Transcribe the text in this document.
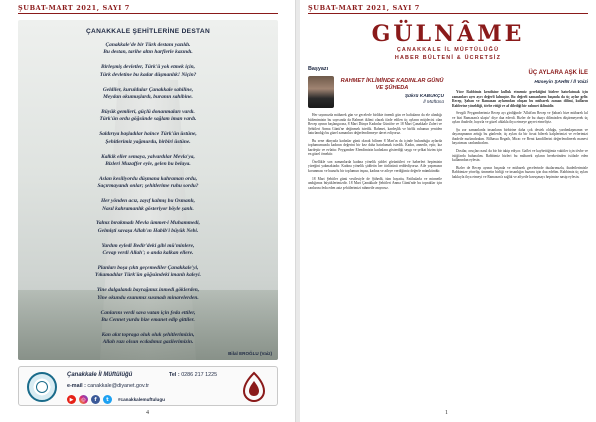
ŞUBAT-MART 2021, SAYI 7
ÇANAKKALE ŞEHİTLERİNE DESTAN
Çanakkale'de bir Türk destanı yazıldı.
Bu destan, tarihe altın harflerle kazındı.
Birleşmiş devletler, Türk'ü yok etmek için,
Türk devletine bu kadar düşmanlık! Niçin?
Geldiler, kuruldular Çanakkale sahiline,
Meydan okumuşlardı, buranın sahibine.
Büyük gemileri, güçlü donanmaları vardı.
Türk'ün ordu göğsünde sağlam iman vardı.
Saldırıya başladılar haince Türk'ün üstüne,
Şehitlerimiz yağmurdu, birbiri üstüne.
Kalkik eller semaya, yalvardılar Mevla'ya,
Bizleri Muzaffer eyle, gelen bu belaya.
Aslan kesiliyordu düşmana kahraman ordu,
Saçırmayandı onlar; şehitlerime ruhu sordu?
Her yönden acız, zayıf kalmış bu Osmanlı,
Nasıl kahramanlık gösteriyor böyle şanlı.
Yalnız bırakmadı Mevla ümmet-i Muhammedi,
Gelmişti savaşa Allah'ın Habib'i büyük Nebi.
Yardım eyledi Bedir'deki gibi mü'minlere,
Cevap verdi Allah'; o anda kalkan ellere.
Planları boşa çıktı geçemediler Çanakkale'yi,
Yıkamadılar Türk'ün göğsündeki imanlı kaleyi.
Yine dalgalandı bayrağımız inmedi göklerden,
Yine okundu ezanımız susmadı minarelerden.
Canlarını verdi sava vatan için feda ettiler,
Bu Cennet yurdu bize emanet edip gittiler.
Kan akıt topraga oluk oluk şehitlerimizin,
Allah razı olsun ecdadımız gazilerimizin.
Bilal EROĞLU (Vaiz)
Çanakkale İl Müftülüğü	Tel : 0286 217 1225
e-mail : canakkale@diyanet.gov.tr
▶	◎	f	t	#canakkalemuftulugu
4
ŞUBAT-MART 2021, SAYI 7
GÜLNÂME
ÇANAKKALE İL MÜFTÜLÜĞÜ
HABER BÜLTENİ & ÜCRETSİZ
Başyazı
RAHMET İKLİMİNDE KADINLAR GÜNÜ VE ŞÜHEDA
Şükrü KABUKÇU
İl Müftüsü

Her sayımızda mübarek gün ve gecelerle birlikte önemli gün ve haftaların da ele alındığı bültenimizin bu sayısında da Rahmet iklimi olarak ifade edilen üç ayların müjdecisi olan Recep ayının başlangıcına, 8 Mart Dünya Kadınlar Günü'ne ve 18 Mart Çanakkale Zaferi ve Şehitleri Anma Günü'ne değinmek istedik. Rahmet, kardeşlik ve birlik ruhunun yeniden hatırlandığı bu güzel zamanları değerlendirmeye davet ediyoruz.

Bu sene dünyada kadınlar günü olarak bilinen 8 Mart'ın da içinde bulunduğu aylarda toplumumuzda kadının değerini bir kez daha hatırlamak istedik. Kadın, annedir, eştir, kız kardeştir ve evlattır. Peygamber Efendimizin kadınlara gösterdiği saygı ve şefkat bizim için en güzel örnektir.

Özellikle son zamanlarda kadına yönelik şiddet görüntüleri ve haberleri hepimizin yüreğini yakmaktadır. Kadına yönelik şiddetin her türlüsünü reddediyoruz. Aile yapımızın korunması ve huzurlu bir toplumun inşası, kadına ve aileye verdiğimiz değerle mümkündür.

18 Mart Şehitler günü vesilesiyle de Şühedâ, tüm hayatta, Fatihalarla ve minnetle andığımız büyüklerimizdir. 18 Mart Çanakkale Şehitleri Anma Günü'nde bu topraklar için canlarını feda eden aziz şehitlerimizi rahmetle anıyoruz.

ÜÇ AYLARA AŞK İLE
Hüseyin ŞAHİN / İl Vaizi

Yüce Rabbimiz kendisine kulluk etmemiz gerektiğini bizlere hatırlatmak için zamanları ayrı ayrı değerli kılmıştır. Bu değerli zamanların başında da üç aylar gelir. Recep, Şaban ve Ramazan aylarından oluşan bu mübarek zaman dilimi, kulların Rablerine yöneldiği, tövbe ettiği ve af dilediği bir rahmet iklimidir.

Sevgili Peygamberimiz Recep ayı girdiğinde 'Allah'ım Recep ve Şaban'ı bize mübarek kıl ve bizi Ramazan'a ulaştır' diye dua ederdi. Bizler de bu duayı dilimizden düşürmeyerek üç ayları ibadetle, hayırla ve güzel ahlakla ihya etmeye gayret etmeliyiz.

Şu zor zamanlarda insanların birbirine daha çok destek olduğu, yardımlaşmanın ve dayanışmanın arttığı bu günlerde, üç ayları da bir fırsat bilerek kalplerimizi ve evlerimizi ibadetle nurlandıralım. Bilhassa Regaib, Mirac ve Berat kandillerini değerlendirerek manevi hayatımızı canlandıralım.

Dostlar, oruçları nasıl da bir bir takip ediyor. Gaflet ve kaybettiğimiz vakitler için tövbe ve istiğfarda bulunalım. Rabbimiz bizleri bu mübarek ayların bereketinden istifade eden kullarından eylesin.

Bizler de Recep ayının başında ve mübarek gecelerinde dualarımızla, ibadetlerimizle Rabbimize yönelip, ümmetin birliği ve insanlığın huzuru için dua edelim. Rabbimiz üç ayları hakkıyla ihya etmeyi ve Ramazan'a sağlık ve afiyetle kavuşmayı hepimize nasip eylesin.

1
